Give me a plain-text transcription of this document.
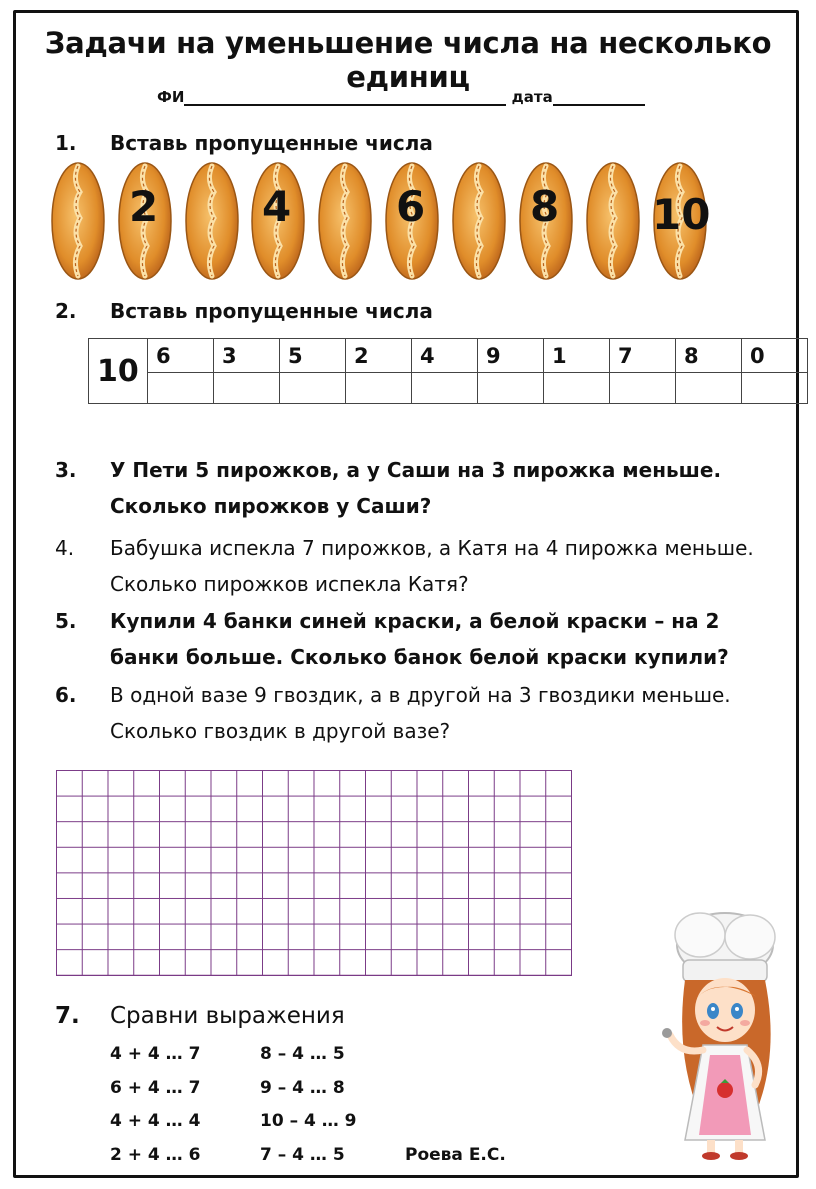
Задачи на уменьшение числа на несколько единиц
ФИ	дата
1. Вставь пропущенные числа
2 4 6 8 10
2. Вставь пропущенные числа
10	6	3	5	2	4	9	1	7	8	0

3. У Пети 5 пирожков, а у Саши на 3 пирожка меньше. Сколько пирожков у Саши?
4. Бабушка испекла 7 пирожков, а Катя на 4 пирожка меньше. Сколько пирожков испекла Катя?
5. Купили 4 банки синей краски, а белой краски – на 2 банки больше. Сколько банок белой краски купили?
6. В одной вазе 9 гвоздик, а в другой на 3 гвоздики меньше. Сколько гвоздик в другой вазе?
7. Сравни выражения
4 + 4 … 7
6 + 4 … 7
4 + 4 … 4
2 + 4 … 6
8 – 4 … 5
9 – 4 … 8
10 – 4 … 9
7 – 4 … 5	Роева Е.С.
